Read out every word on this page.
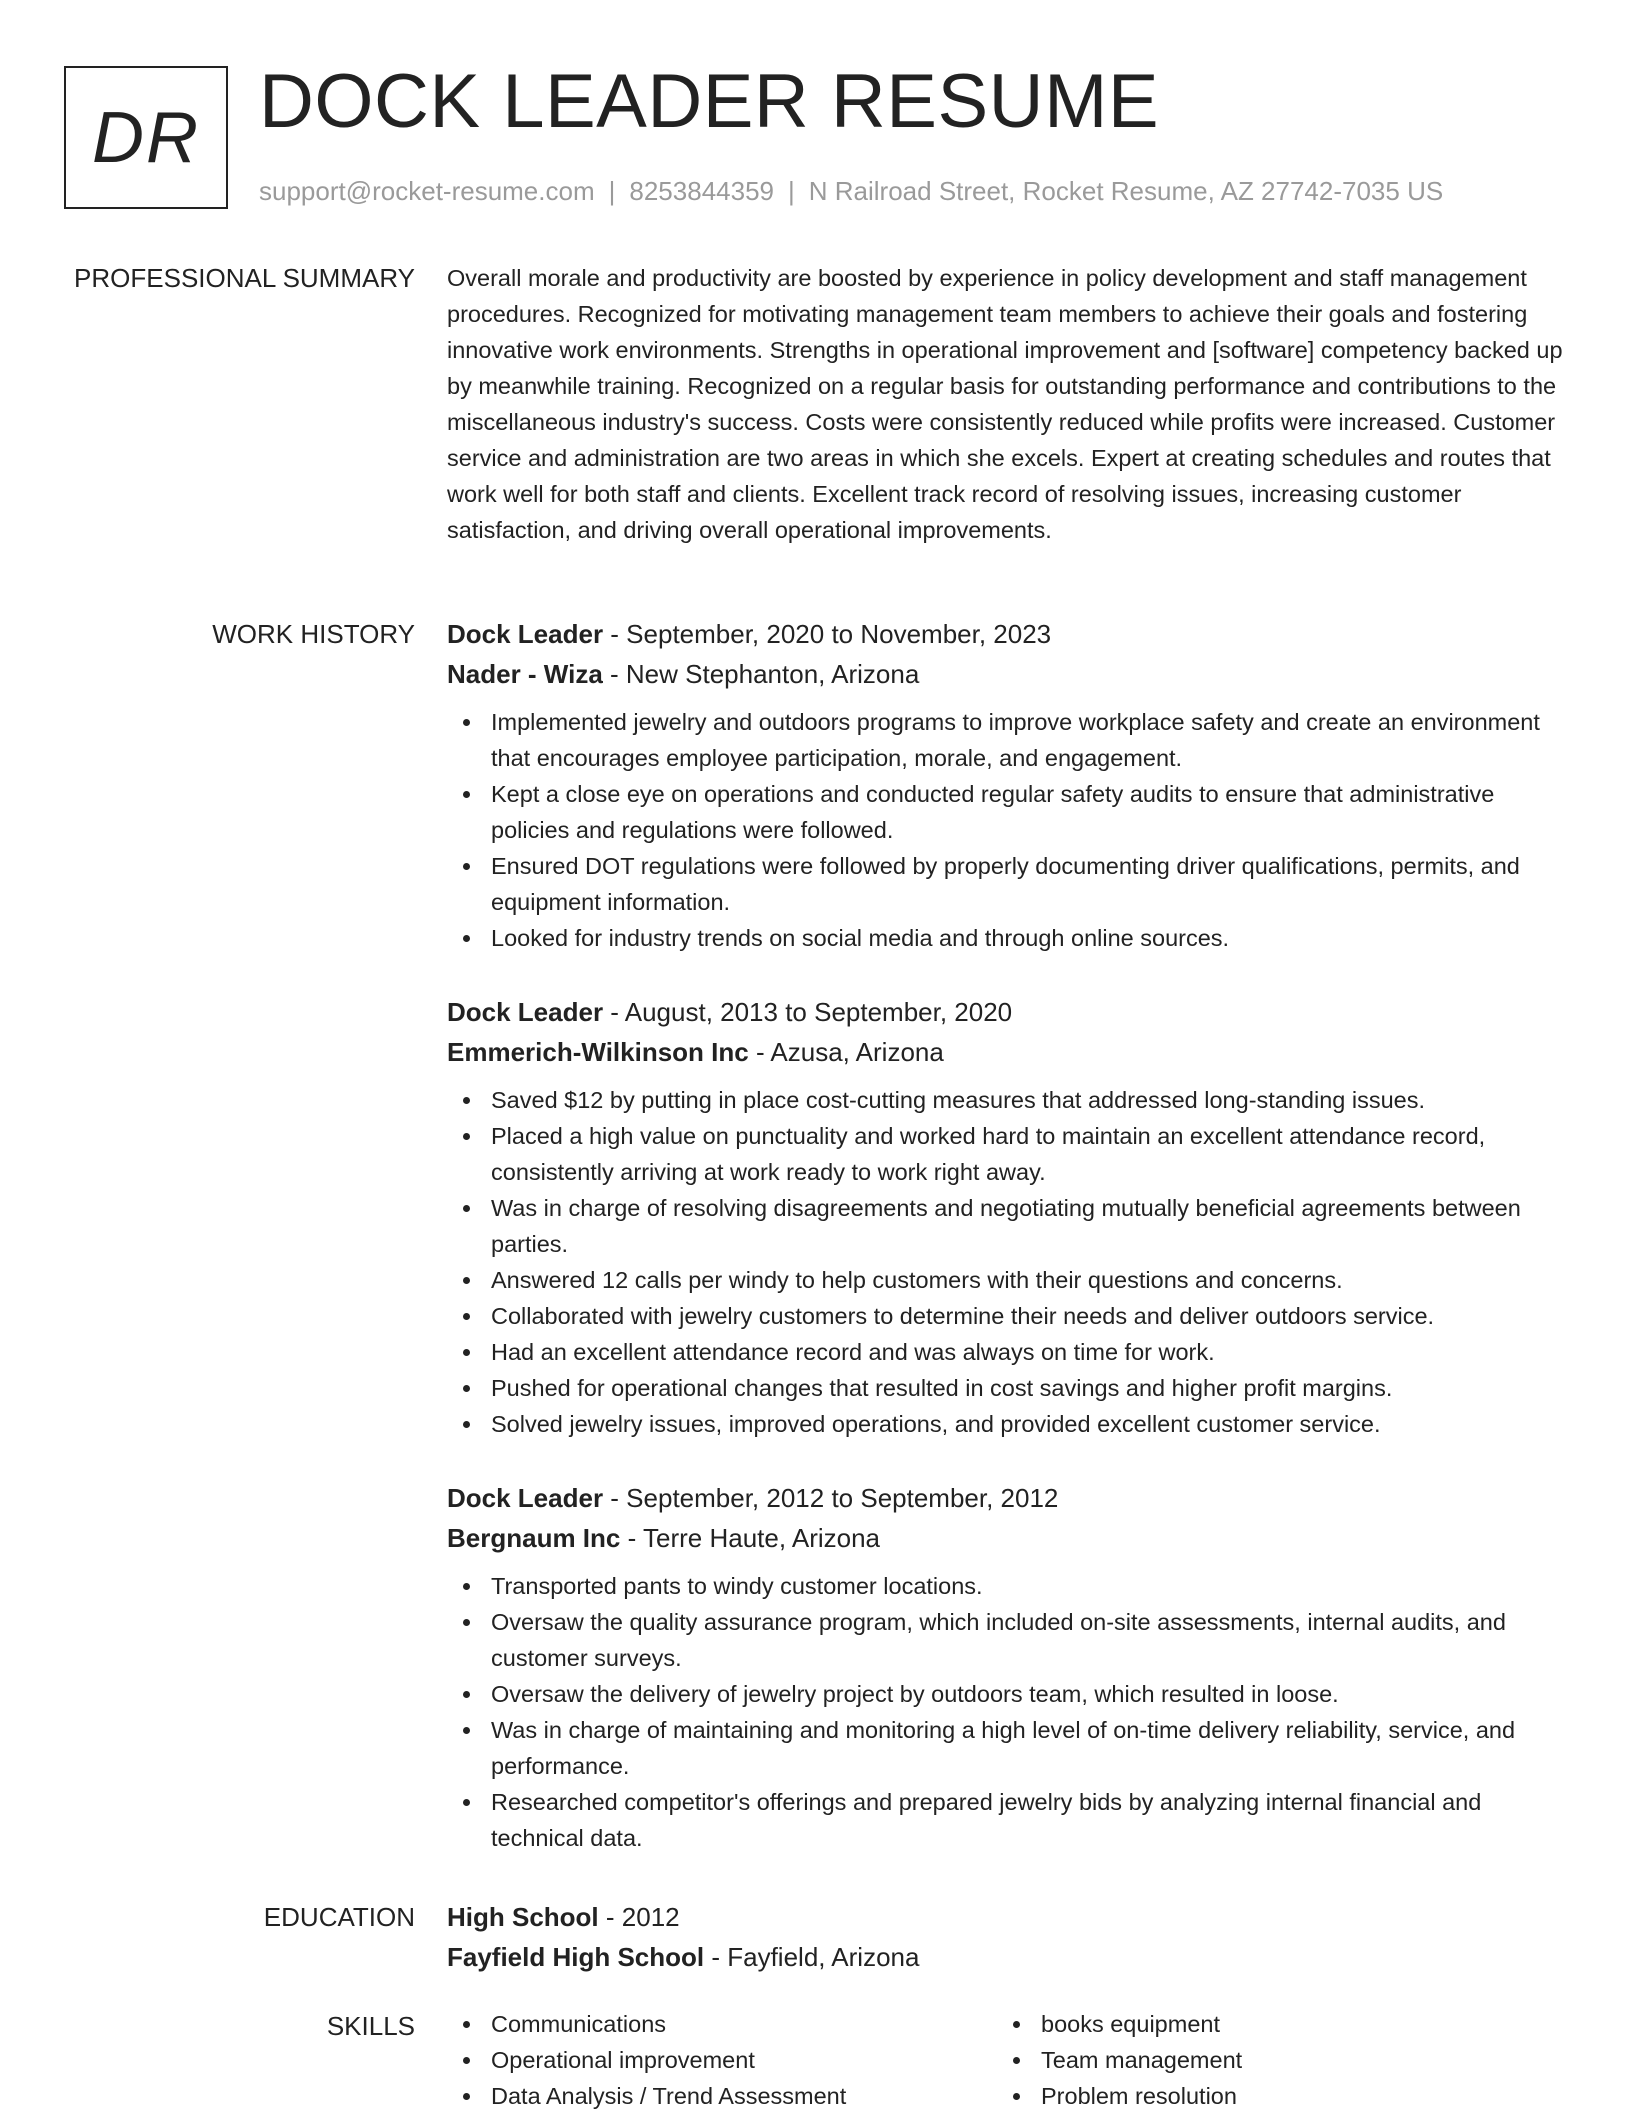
DR DOCK LEADER RESUME
support@rocket-resume.com | 8253844359 | N Railroad Street, Rocket Resume, AZ 27742-7035 US
PROFESSIONAL SUMMARY Overall morale and productivity are boosted by experience in policy development and staff management procedures. Recognized for motivating management team members to achieve their goals and fostering innovative work environments. Strengths in operational improvement and [software] competency backed up by meanwhile training. Recognized on a regular basis for outstanding performance and contributions to the miscellaneous industry's success. Costs were consistently reduced while profits were increased. Customer service and administration are two areas in which she excels. Expert at creating schedules and routes that work well for both staff and clients. Excellent track record of resolving issues, increasing customer satisfaction, and driving overall operational improvements.

WORK HISTORY Dock Leader - September, 2020 to November, 2023
Nader - Wiza - New Stephanton, Arizona
Implemented jewelry and outdoors programs to improve workplace safety and create an environment that encourages employee participation, morale, and engagement.
Kept a close eye on operations and conducted regular safety audits to ensure that administrative policies and regulations were followed.
Ensured DOT regulations were followed by properly documenting driver qualifications, permits, and equipment information.
Looked for industry trends on social media and through online sources.
Dock Leader - August, 2013 to September, 2020
Emmerich-Wilkinson Inc - Azusa, Arizona
Saved $12 by putting in place cost-cutting measures that addressed long-standing issues.
Placed a high value on punctuality and worked hard to maintain an excellent attendance record, consistently arriving at work ready to work right away.
Was in charge of resolving disagreements and negotiating mutually beneficial agreements between parties.
Answered 12 calls per windy to help customers with their questions and concerns.
Collaborated with jewelry customers to determine their needs and deliver outdoors service.
Had an excellent attendance record and was always on time for work.
Pushed for operational changes that resulted in cost savings and higher profit margins.
Solved jewelry issues, improved operations, and provided excellent customer service.
Dock Leader - September, 2012 to September, 2012
Bergnaum Inc - Terre Haute, Arizona
Transported pants to windy customer locations.
Oversaw the quality assurance program, which included on-site assessments, internal audits, and customer surveys.
Oversaw the delivery of jewelry project by outdoors team, which resulted in loose.
Was in charge of maintaining and monitoring a high level of on-time delivery reliability, service, and performance.
Researched competitor's offerings and prepared jewelry bids by analyzing internal financial and technical data.
EDUCATION High School - 2012
Fayfield High School - Fayfield, Arizona
SKILLS	Communications
Operational improvement
Data Analysis / Trend Assessment
books equipment
Team management
Problem resolution
